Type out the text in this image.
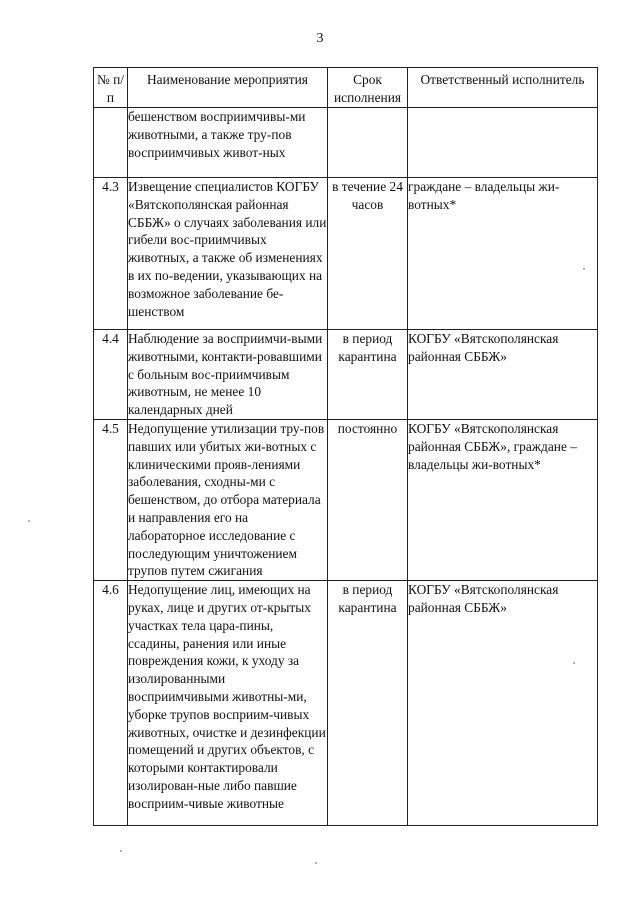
3
№ п/п	Наименование мероприятия	Срок исполнения	Ответственный исполнитель

	бешенством восприимчивы-ми животными, а также тру-пов восприимчивых живот-ных		

4.3	Извещение специалистов КОГБУ «Вятскополянская районная СББЖ» о случаях заболевания или гибели вос-приимчивых животных, а также об изменениях в их по-ведении, указывающих на возможное заболевание бе-шенством	в течение 24 часов	граждане – владельцы жи-вотных*
4.4	Наблюдение за восприимчи-выми животными, контакти-ровавшими с больным вос-приимчивым животным, не менее 10 календарных дней	в период карантина	КОГБУ «Вятскополянская районная СББЖ»
4.5	Недопущение утилизации тру-пов павших или убитых жи-вотных с клиническими прояв-лениями заболевания, сходны-ми с бешенством, до отбора материала и направления его на лабораторное исследование с последующим уничтожением трупов путем сжигания	постоянно	КОГБУ «Вятскополянская районная СББЖ», граждане – владельцы жи-вотных*
4.6	Недопущение лиц, имеющих на руках, лице и других от-крытых участках тела цара-пины, ссадины, ранения или иные повреждения кожи, к уходу за изолированными восприимчивыми животны-ми, уборке трупов восприим-чивых животных, очистке и дезинфекции помещений и других объектов, с которыми контактировали изолирован-ные либо павшие восприим-чивые животные	в период карантина	КОГБУ «Вятскополянская районная СББЖ»
